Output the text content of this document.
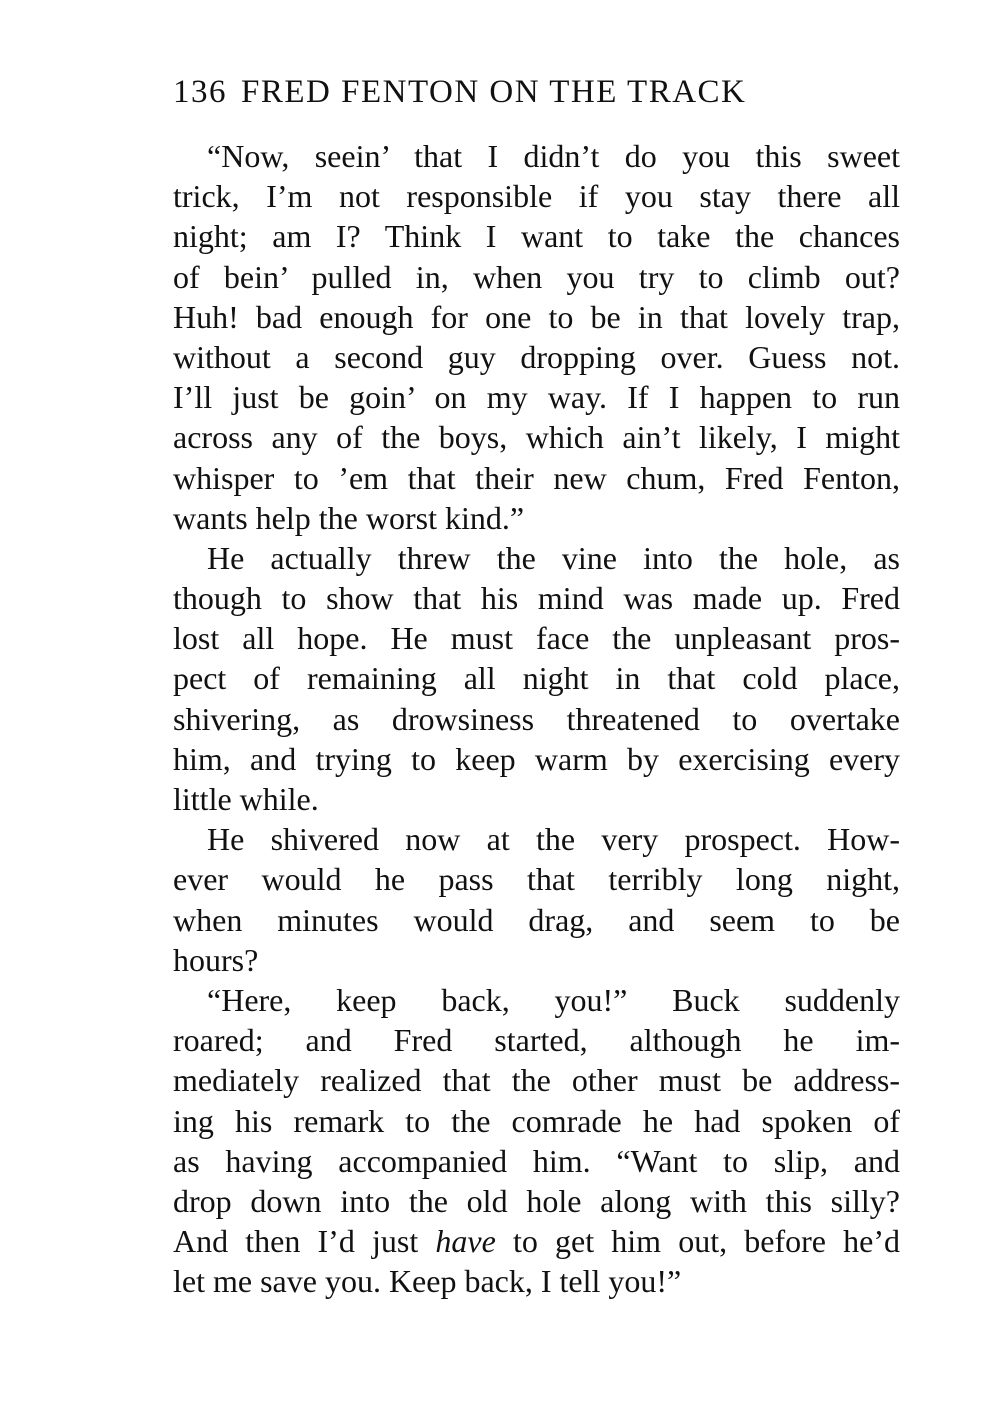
136 FRED FENTON ON THE TRACK
“Now, seein’ that I didn’t do you this sweet
trick, I’m not responsible if you stay there all
night; am I? Think I want to take the chances
of bein’ pulled in, when you try to climb out?
Huh! bad enough for one to be in that lovely trap,
without a second guy dropping over. Guess not.
I’ll just be goin’ on my way. If I happen to run
across any of the boys, which ain’t likely, I might
whisper to ’em that their new chum, Fred Fenton,
wants help the worst kind.”
He actually threw the vine into the hole, as
though to show that his mind was made up. Fred
lost all hope. He must face the unpleasant pros-
pect of remaining all night in that cold place,
shivering, as drowsiness threatened to overtake
him, and trying to keep warm by exercising every
little while.
He shivered now at the very prospect. How-
ever would he pass that terribly long night,
when minutes would drag, and seem to be
hours?
“Here, keep back, you!” Buck suddenly
roared; and Fred started, although he im-
mediately realized that the other must be address-
ing his remark to the comrade he had spoken of
as having accompanied him. “Want to slip, and
drop down into the old hole along with this silly?
And then I’d just have to get him out, before he’d
let me save you. Keep back, I tell you!”
